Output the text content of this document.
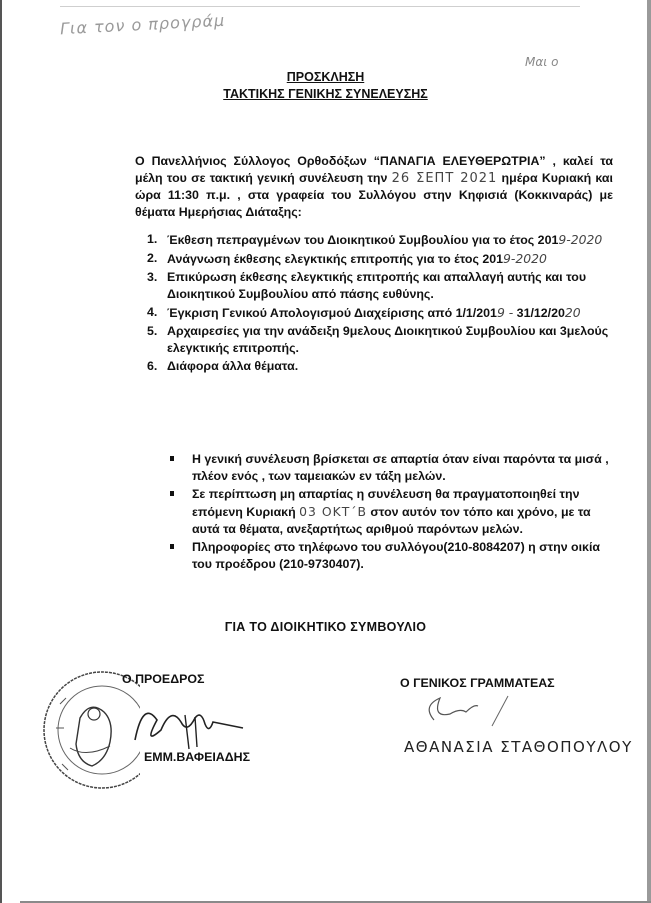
Για τον ο προγράμ
Μαι ο
ΠΡΟΣΚΛΗΣΗ
ΤΑΚΤΙΚΗΣ ΓΕΝΙΚΗΣ ΣΥΝΕΛΕΥΣΗΣ
Ο Πανελλήνιος Σύλλογος Ορθοδόξων “ΠΑΝΑΓΙΑ ΕΛΕΥΘΕΡΩΤΡΙΑ” , καλεί τα μέλη του σε τακτική γενική συνέλευση την 26 ΣΕΠΤ 2021 ημέρα Κυριακή και ώρα 11:30 π.μ. , στα γραφεία του Συλλόγου στην Κηφισιά (Κοκκιναράς) με θέματα Ημερήσιας Διάταξης:
1. Έκθεση πεπραγμένων του Διοικητικού Συμβουλίου για το έτος 2019-2020
2. Ανάγνωση έκθεσης ελεγκτικής επιτροπής για το έτος 2019-2020
3. Επικύρωση έκθεσης ελεγκτικής επιτροπής και απαλλαγή αυτής και του Διοικητικού Συμβουλίου από πάσης ευθύνης.
4. Έγκριση Γενικού Απολογισμού Διαχείρισης από 1/1/2019 - 31/12/2020
5. Αρχαιρεσίες για την ανάδειξη 9μελους Διοικητικού Συμβουλίου και 3μελούς ελεγκτικής επιτροπής.
6. Διάφορα άλλα θέματα.
Η γενική συνέλευση βρίσκεται σε απαρτία όταν είναι παρόντα τα μισά , πλέον ενός , των ταμειακών εν τάξη μελών.
Σε περίπτωση μη απαρτίας η συνέλευση θα πραγματοποιηθεί την επόμενη Κυριακή 03 ΟΚΤ΄Β στον αυτόν τον τόπο και χρόνο, με τα αυτά τα θέματα, ανεξαρτήτως αριθμού παρόντων μελών.
Πληροφορίες στο τηλέφωνο του συλλόγου(210-8084207) η στην οικία του προέδρου (210-9730407).
ΓΙΑ ΤΟ ΔΙΟΙΚΗΤΙΚΟ ΣΥΜΒΟΥΛΙΟ
Ο ΠΡΟΕΔΡΟΣ
ΕΜΜ.ΒΑΦΕΙΑΔΗΣ
Ο ΓΕΝΙΚΟΣ ΓΡΑΜΜΑΤΕΑΣ
ΑΘΑΝΑΣΙΑ ΣΤΑΘΟΠΟΥΛΟΥ
